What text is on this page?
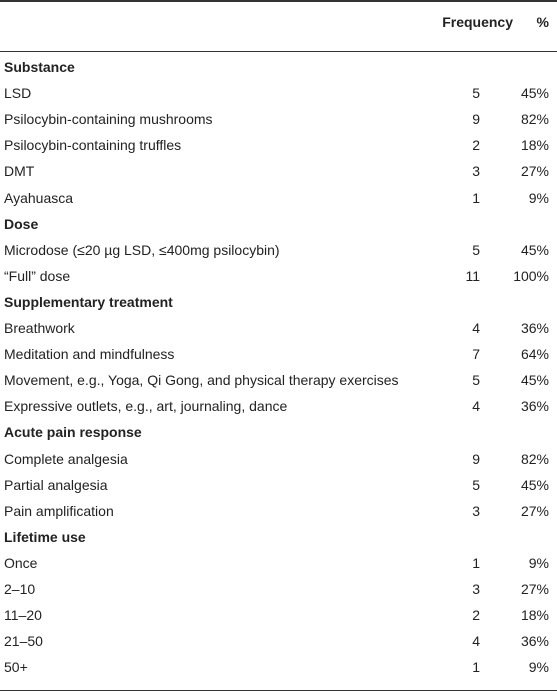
Frequency %
Substance
LSD	5	45%
Psilocybin-containing mushrooms	9	82%
Psilocybin-containing truffles	2	18%
DMT	3	27%
Ayahuasca	1	9%
Dose
Microdose (≤20 µg LSD, ≤400mg psilocybin)	5	45%
“Full” dose	11 100%
Supplementary treatment
Breathwork	4	36%
Meditation and mindfulness	7	64%
Movement, e.g., Yoga, Qi Gong, and physical therapy exercises	5	45%
Expressive outlets, e.g., art, journaling, dance	4	36%
Acute pain response
Complete analgesia	9	82%
Partial analgesia	5	45%
Pain amplification	3	27%
Lifetime use
Once	1	9%
2–10	3	27%
11–20	2	18%
21–50	4	36%
50+	1	9%
